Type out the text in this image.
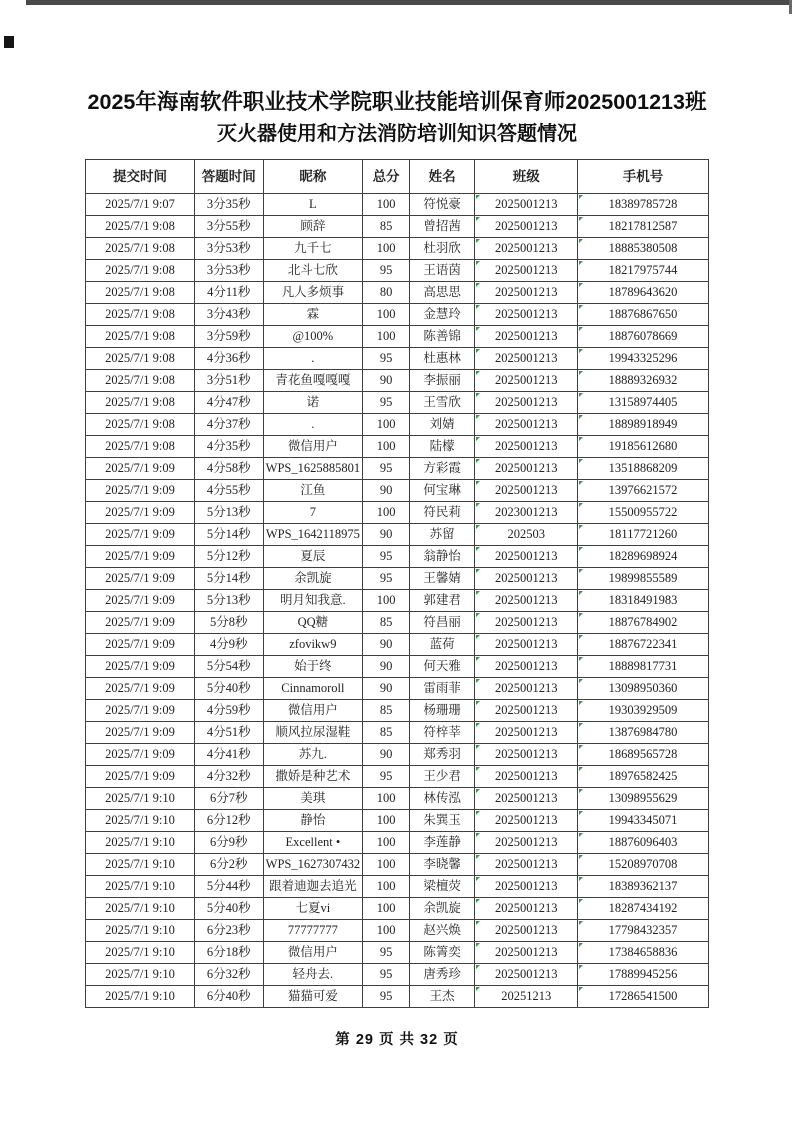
2025年海南软件职业技术学院职业技能培训保育师2025001213班
灭火器使用和方法消防培训知识答题情况
提交时间	答题时间	昵称	总分	姓名	班级	手机号
2025/7/1 9:07	3分35秒	L	100	符悦豪	2025001213	18389785728
2025/7/1 9:08	3分55秒	顾辞	85	曾招茜	2025001213	18217812587
2025/7/1 9:08	3分53秒	九千七	100	杜羽欣	2025001213	18885380508
2025/7/1 9:08	3分53秒	北斗七欣	95	王语茵	2025001213	18217975744
2025/7/1 9:08	4分11秒	凡人多烦事	80	高思思	2025001213	18789643620
2025/7/1 9:08	3分43秒	霖	100	金慧玲	2025001213	18876867650
2025/7/1 9:08	3分59秒	@100%	100	陈善锦	2025001213	18876078669
2025/7/1 9:08	4分36秒	.	95	杜惠林	2025001213	19943325296
2025/7/1 9:08	3分51秒	青花鱼嘎嘎嘎	90	李振丽	2025001213	18889326932
2025/7/1 9:08	4分47秒	诺	95	王雪欣	2025001213	13158974405
2025/7/1 9:08	4分37秒	.	100	刘婧	2025001213	18898918949
2025/7/1 9:08	4分35秒	微信用户	100	陆檬	2025001213	19185612680
2025/7/1 9:09	4分58秒	WPS_1625885801	95	方彩霞	2025001213	13518868209
2025/7/1 9:09	4分55秒	江鱼	90	何宝琳	2025001213	13976621572
2025/7/1 9:09	5分13秒	7	100	符民莉	2023001213	15500955722
2025/7/1 9:09	5分14秒	WPS_1642118975	90	苏留	202503	18117721260
2025/7/1 9:09	5分12秒	夏辰	95	翁静怡	2025001213	18289698924
2025/7/1 9:09	5分14秒	余凯旋	95	王馨婧	2025001213	19899855589
2025/7/1 9:09	5分13秒	明月知我意.	100	郭建君	2025001213	18318491983
2025/7/1 9:09	5分8秒	QQ糖	85	符昌丽	2025001213	18876784902
2025/7/1 9:09	4分9秒	zfovikw9	90	蓝荷	2025001213	18876722341
2025/7/1 9:09	5分54秒	始于终	90	何天雅	2025001213	18889817731
2025/7/1 9:09	5分40秒	Cinnamoroll	90	雷雨菲	2025001213	13098950360
2025/7/1 9:09	4分59秒	微信用户	85	杨珊珊	2025001213	19303929509
2025/7/1 9:09	4分51秒	顺风拉尿湿鞋	85	符梓莘	2025001213	13876984780
2025/7/1 9:09	4分41秒	苏九.	90	郑秀羽	2025001213	18689565728
2025/7/1 9:09	4分32秒	撒娇是种艺术	95	王少君	2025001213	18976582425
2025/7/1 9:10	6分7秒	美琪	100	林传泓	2025001213	13098955629
2025/7/1 9:10	6分12秒	静怡	100	朱巽玉	2025001213	19943345071
2025/7/1 9:10	6分9秒	Excellent •	100	李莲静	2025001213	18876096403
2025/7/1 9:10	6分2秒	WPS_1627307432	100	李晓馨	2025001213	15208970708
2025/7/1 9:10	5分44秒	跟着迪迦去追光	100	梁檀荧	2025001213	18389362137
2025/7/1 9:10	5分40秒	七夏vi	100	余凯旋	2025001213	18287434192
2025/7/1 9:10	6分23秒	77777777	100	赵兴焕	2025001213	17798432357
2025/7/1 9:10	6分18秒	微信用户	95	陈箐奕	2025001213	17384658836
2025/7/1 9:10	6分32秒	轻舟去.	95	唐秀珍	2025001213	17889945256
2025/7/1 9:10	6分40秒	猫猫可爱	95	王杰	20251213	17286541500
第 29 页 共 32 页
